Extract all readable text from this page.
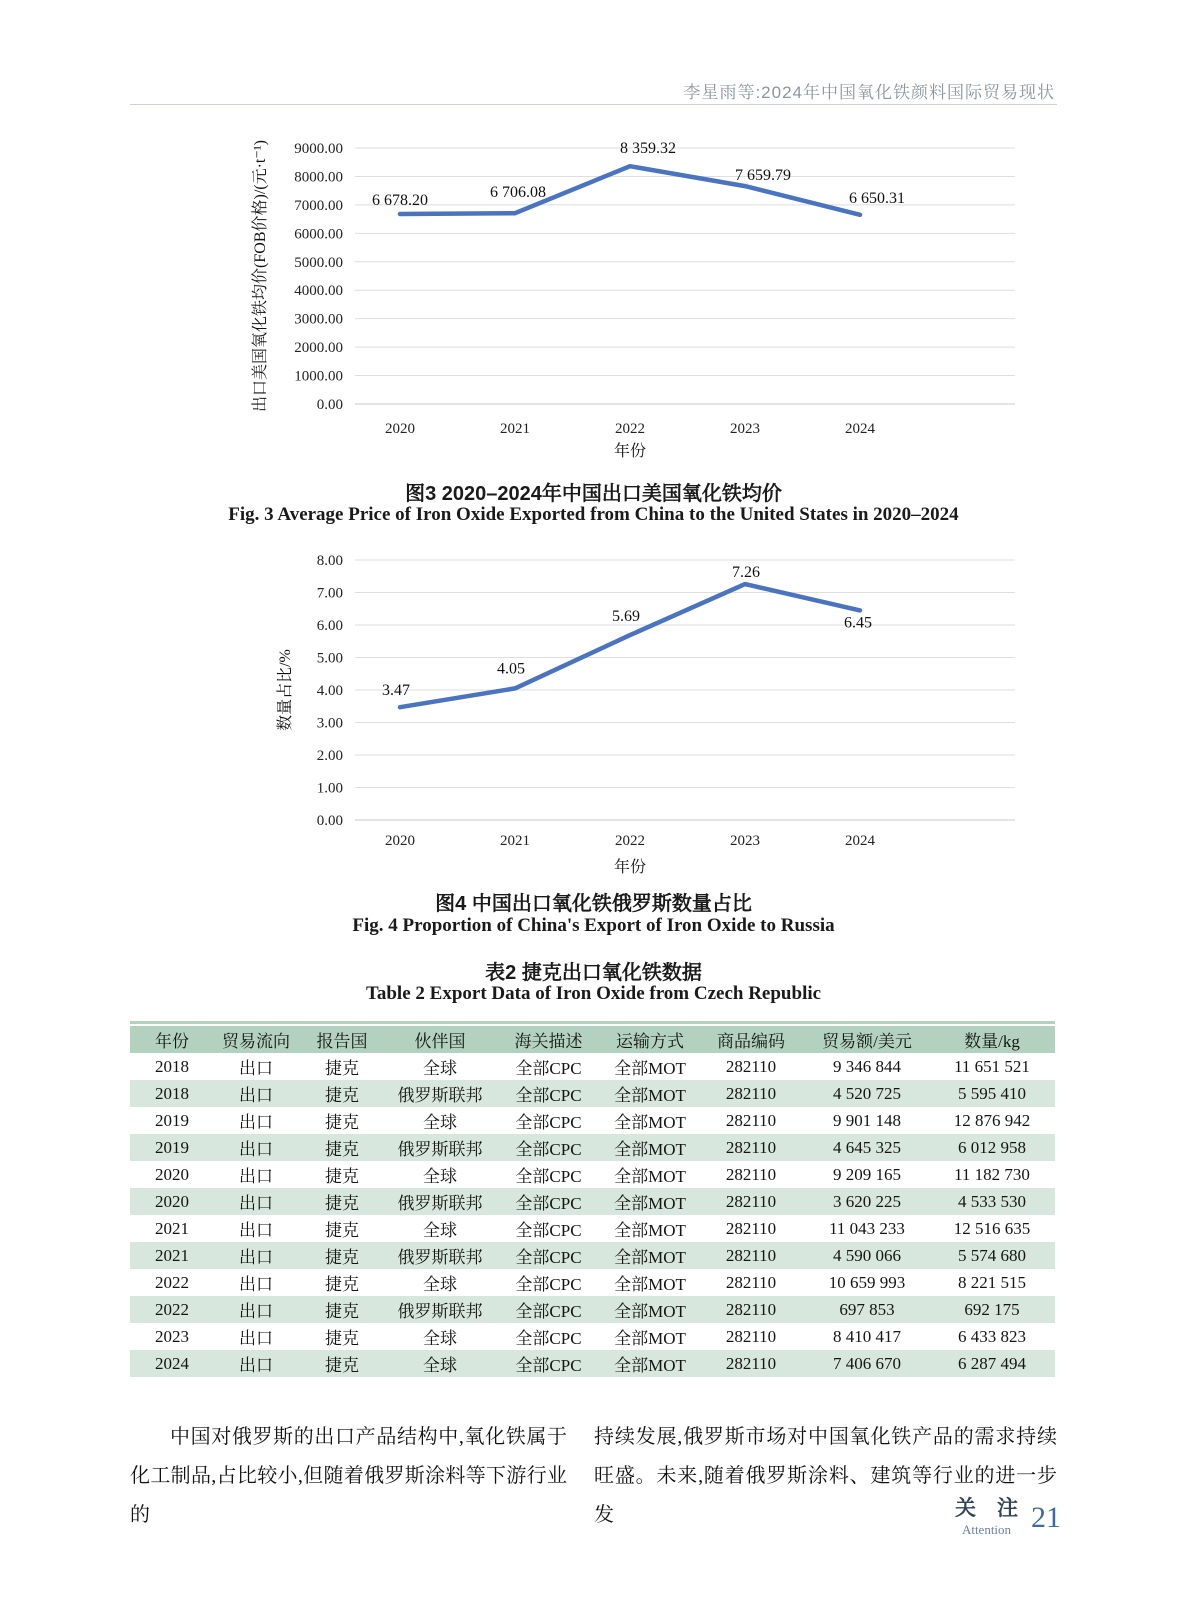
李星雨等:2024年中国氧化铁颜料国际贸易现状
0.00
1000.00
2000.00
3000.00
4000.00
5000.00
6000.00
7000.00
8000.00
9000.00
出口美国氧化铁均价(FOB价格)/(元·t⁻¹)	6 678.20
2020
6 706.08
2021
8 359.32
2022
7 659.79
2023
6 650.31
2024
年份
图3 2020–2024年中国出口美国氧化铁均价
Fig. 3 Average Price of Iron Oxide Exported from China to the United States in 2020–2024
0.00
1.00
2.00
3.00
4.00
5.00
6.00
7.00
8.00
数量占比/%	3.47
2020
4.05
2021
5.69
2022
7.26
2023
6.45
2024
年份
图4 中国出口氧化铁俄罗斯数量占比
Fig. 4 Proportion of China's Export of Iron Oxide to Russia
表2 捷克出口氧化铁数据
Table 2 Export Data of Iron Oxide from Czech Republic
年份	贸易流向	报告国	伙伴国	海关描述	运输方式	商品编码	贸易额/美元	数量/kg
2018	出口	捷克	全球	全部CPC	全部MOT	282110	9 346 844	11 651 521
2018	出口	捷克	俄罗斯联邦	全部CPC	全部MOT	282110	4 520 725	5 595 410
2019	出口	捷克	全球	全部CPC	全部MOT	282110	9 901 148	12 876 942
2019	出口	捷克	俄罗斯联邦	全部CPC	全部MOT	282110	4 645 325	6 012 958
2020	出口	捷克	全球	全部CPC	全部MOT	282110	9 209 165	11 182 730
2020	出口	捷克	俄罗斯联邦	全部CPC	全部MOT	282110	3 620 225	4 533 530
2021	出口	捷克	全球	全部CPC	全部MOT	282110	11 043 233	12 516 635
2021	出口	捷克	俄罗斯联邦	全部CPC	全部MOT	282110	4 590 066	5 574 680
2022	出口	捷克	全球	全部CPC	全部MOT	282110	10 659 993	8 221 515
2022	出口	捷克	俄罗斯联邦	全部CPC	全部MOT	282110	697 853	692 175
2023	出口	捷克	全球	全部CPC	全部MOT	282110	8 410 417	6 433 823
2024	出口	捷克	全球	全部CPC	全部MOT	282110	7 406 670	6 287 494

中国对俄罗斯的出口产品结构中,氧化铁属于化工制品,占比较小,但随着俄罗斯涂料等下游行业的

持续发展,俄罗斯市场对中国氧化铁产品的需求持续旺盛。未来,随着俄罗斯涂料、建筑等行业的进一步发	关　注
Attention 21
